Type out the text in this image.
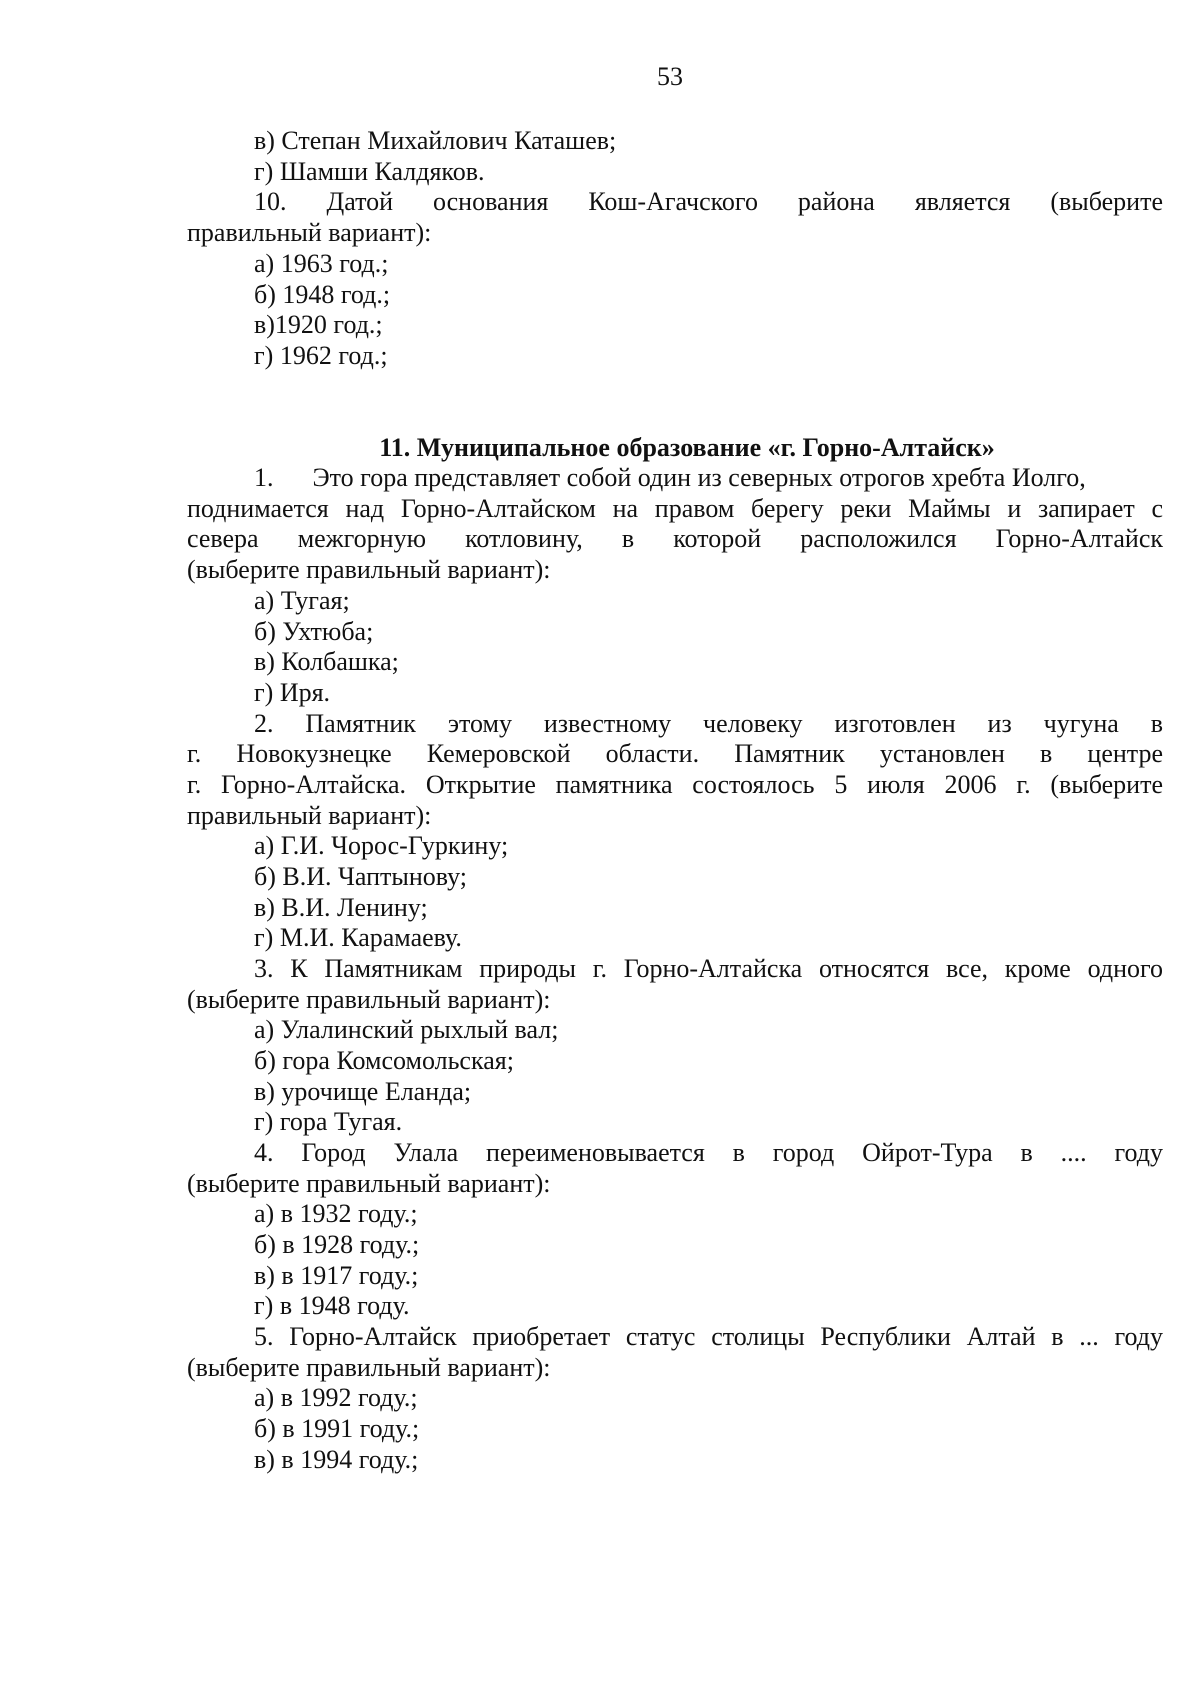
53
в) Степан Михайлович Каташев;
г) Шамши Калдяков.
10. Датой основания Кош-Агачского района является (выберите
правильный вариант):
а) 1963 год.;
б) 1948 год.;
в)1920 год.;
г) 1962 год.;
11. Муниципальное образование «г. Горно-Алтайск»
1.      Это гора представляет собой один из северных отрогов хребта Иолго,
поднимается над Горно-Алтайском на правом берегу реки Маймы и запирает с
севера межгорную котловину, в которой расположился Горно-Алтайск
(выберите правильный вариант):
а) Тугая;
б) Ухтюба;
в) Колбашка;
г) Иря.
2. Памятник этому известному человеку изготовлен из чугуна в
г. Новокузнецке Кемеровской области. Памятник установлен в центре
г. Горно-Алтайска. Открытие памятника состоялось 5 июля 2006 г. (выберите
правильный вариант):
а) Г.И. Чорос-Гуркину;
б) В.И. Чаптынову;
в) В.И. Ленину;
г) М.И. Карамаеву.
3. К Памятникам природы г. Горно-Алтайска относятся все, кроме одного
(выберите правильный вариант):
а) Улалинский рыхлый вал;
б) гора Комсомольская;
в) урочище Еланда;
г) гора Тугая.
4. Город Улала переименовывается в город Ойрот-Тура в .... году
(выберите правильный вариант):
а) в 1932 году.;
б) в 1928 году.;
в) в 1917 году.;
г) в 1948 году.
5. Горно-Алтайск приобретает статус столицы Республики Алтай в ... году
(выберите правильный вариант):
а) в 1992 году.;
б) в 1991 году.;
в) в 1994 году.;
